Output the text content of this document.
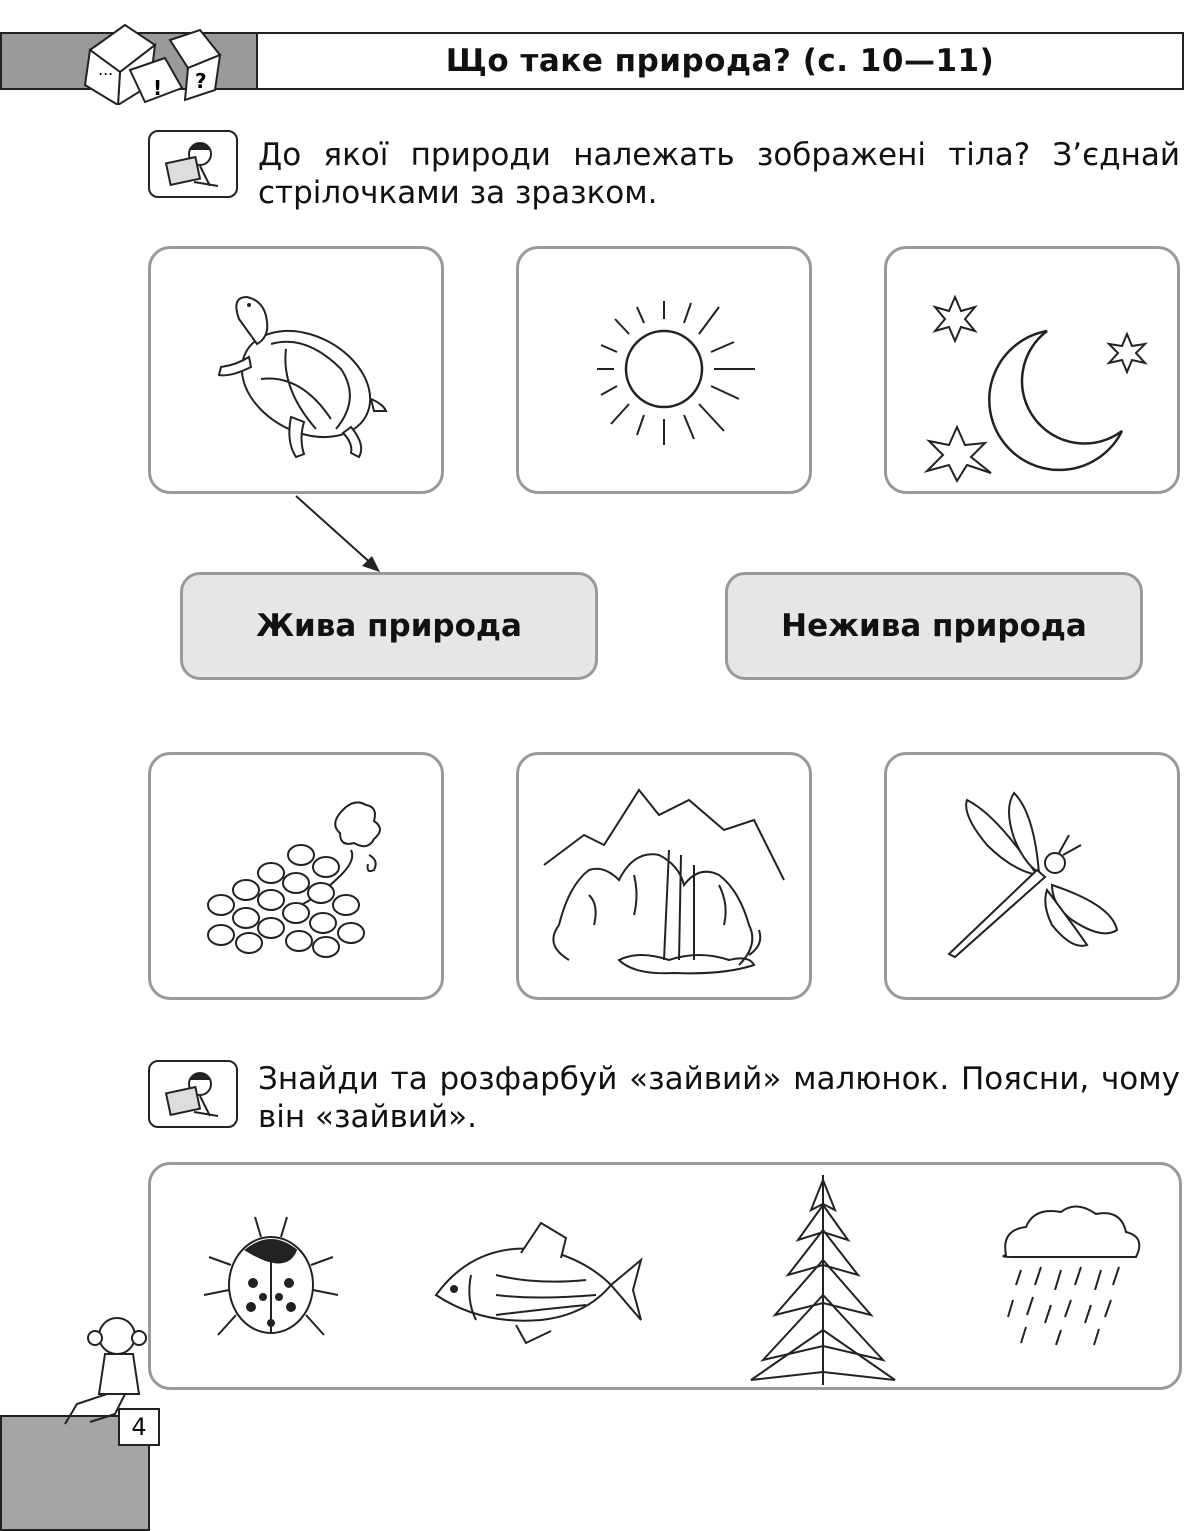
...
! ?
Що таке природа? (с. 10—11)
До якої природи належать зображені тіла? З’єднай стрілочками за зразком.
Жива природа	Нежива природа
Знайди та розфарбуй «зайвий» малюнок. Поясни, чому він «зайвий».
4
